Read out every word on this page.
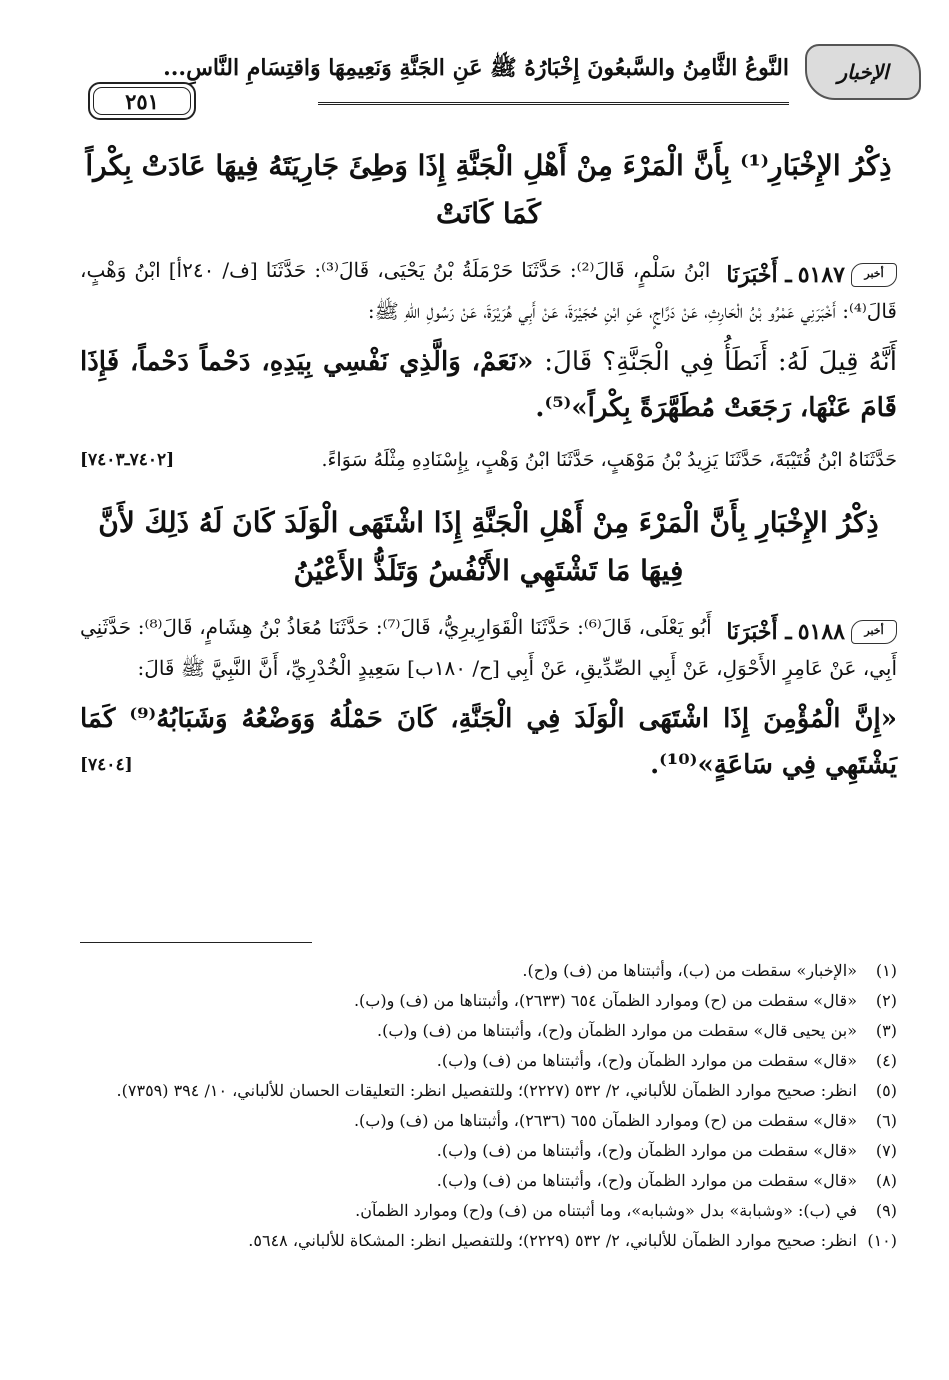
الإخبار
النَّوعُ الثَّامِنُ والسَّبعُونَ إِخْبَارُهُ ﷺ عَنِ الجَنَّةِ وَنَعِيمِهَا وَاقتِسَامِ النَّاسِ...
٢٥١
ذِكْرُ الإِخْبَارِ⁽¹⁾ بِأَنَّ الْمَرْءَ مِنْ أَهْلِ الْجَنَّةِ إِذَا وَطِئَ جَارِيَتَهُ فِيهَا عَادَتْ بِكْراً كَمَا كَانَتْ

أخبر
٥١٨٧
ـ أَخْبَرَنَا
ابْنُ سَلْمٍ، قَالَ⁽²⁾: حَدَّثَنَا حَرْمَلَةُ بْنُ يَحْيَى، قَالَ⁽³⁾: حَدَّثَنَا [ف/ ٢٤٠أ] ابْنُ وَهْبٍ، قَالَ⁽⁴⁾: أَخْبَرَنِي عَمْرُو بْنُ الْحَارِثِ، عَنْ دَرَّاجٍ، عَنِ ابْنِ حُجَيْرَةَ، عَنْ أَبِي هُرَيْرَةَ، عَنْ رَسُولِ اللهِ ﷺ:

أَنَّهُ قِيلَ لَهُ: أَنَطَأُ فِي الْجَنَّةِ؟ قَالَ: «نَعَمْ، وَالَّذِي نَفْسِي بِيَدِهِ، دَحْماً دَحْماً، فَإِذَا قَامَ عَنْهَا، رَجَعَتْ مُطَهَّرَةً بِكْراً»⁽⁵⁾.

[٧٤٠٢ـ٧٤٠٣]	حَدَّثَنَاهُ ابْنُ قُتَيْبَةَ، حَدَّثَنَا يَزِيدُ بْنُ مَوْهَبٍ، حَدَّثَنَا ابْنُ وَهْبٍ، بِإِسْنَادِهِ مِثْلَهُ سَوَاءً.

ذِكْرُ الإِخْبَارِ بِأَنَّ الْمَرْءَ مِنْ أَهْلِ الْجَنَّةِ إِذَا اشْتَهَى الْوَلَدَ كَانَ لَهُ ذَلِكَ لأَنَّ فِيهَا مَا تَشْتَهِي الأَنْفُسُ وَتَلَذُّ الأَعْيُنُ

أخبر
٥١٨٨
ـ أَخْبَرَنَا
أَبُو يَعْلَى، قَالَ⁽⁶⁾: حَدَّثَنَا الْقَوَارِيرِيُّ، قَالَ⁽⁷⁾: حَدَّثَنَا مُعَاذُ بْنُ هِشَامٍ، قَالَ⁽⁸⁾: حَدَّثَنِي أَبِي، عَنْ عَامِرٍ الأَحْوَلِ، عَنْ أَبِي الصِّدِّيقِ، عَنْ أَبِي [ح/ ١٨٠ب] سَعِيدٍ الْخُدْرِيِّ، أَنَّ النَّبِيَّ ﷺ قَالَ:

«إِنَّ الْمُؤْمِنَ إِذَا اشْتَهَى الْوَلَدَ فِي الْجَنَّةِ، كَانَ حَمْلُهُ وَوَضْعُهُ وَشَبَابُهُ⁽⁹⁾ كَمَا يَشْتَهِي فِي سَاعَةٍ»⁽¹⁰⁾.
[٧٤٠٤]

(١)
«الإخبار» سقطت من (ب)، وأثبتناها من (ف) و(ح).
(٢)
«قال» سقطت من (ح) وموارد الظمآن ٦٥٤ (٢٦٣٣)، وأثبتناها من (ف) و(ب).
(٣)
«بن يحيى قال» سقطت من موارد الظمآن و(ح)، وأثبتناها من (ف) و(ب).
(٤)
«قال» سقطت من موارد الظمآن و(ح)، وأثبتناها من (ف) و(ب).
(٥)
انظر: صحيح موارد الظمآن للألباني، ٢/ ٥٣٢ (٢٢٢٧)؛ وللتفصيل انظر: التعليقات الحسان للألباني، ١٠/ ٣٩٤ (٧٣٥٩).
(٦)
«قال» سقطت من (ح) وموارد الظمآن ٦٥٥ (٢٦٣٦)، وأثبتناها من (ف) و(ب).
(٧)
«قال» سقطت من موارد الظمآن و(ح)، وأثبتناها من (ف) و(ب).
(٨)
«قال» سقطت من موارد الظمآن و(ح)، وأثبتناها من (ف) و(ب).
(٩)
في (ب): «وشبابة» بدل «وشبابه»، وما أثبتناه من (ف) و(ح) وموارد الظمآن.
(١٠)
انظر: صحيح موارد الظمآن للألباني، ٢/ ٥٣٢ (٢٢٢٩)؛ وللتفصيل انظر: المشكاة للألباني، ٥٦٤٨.
